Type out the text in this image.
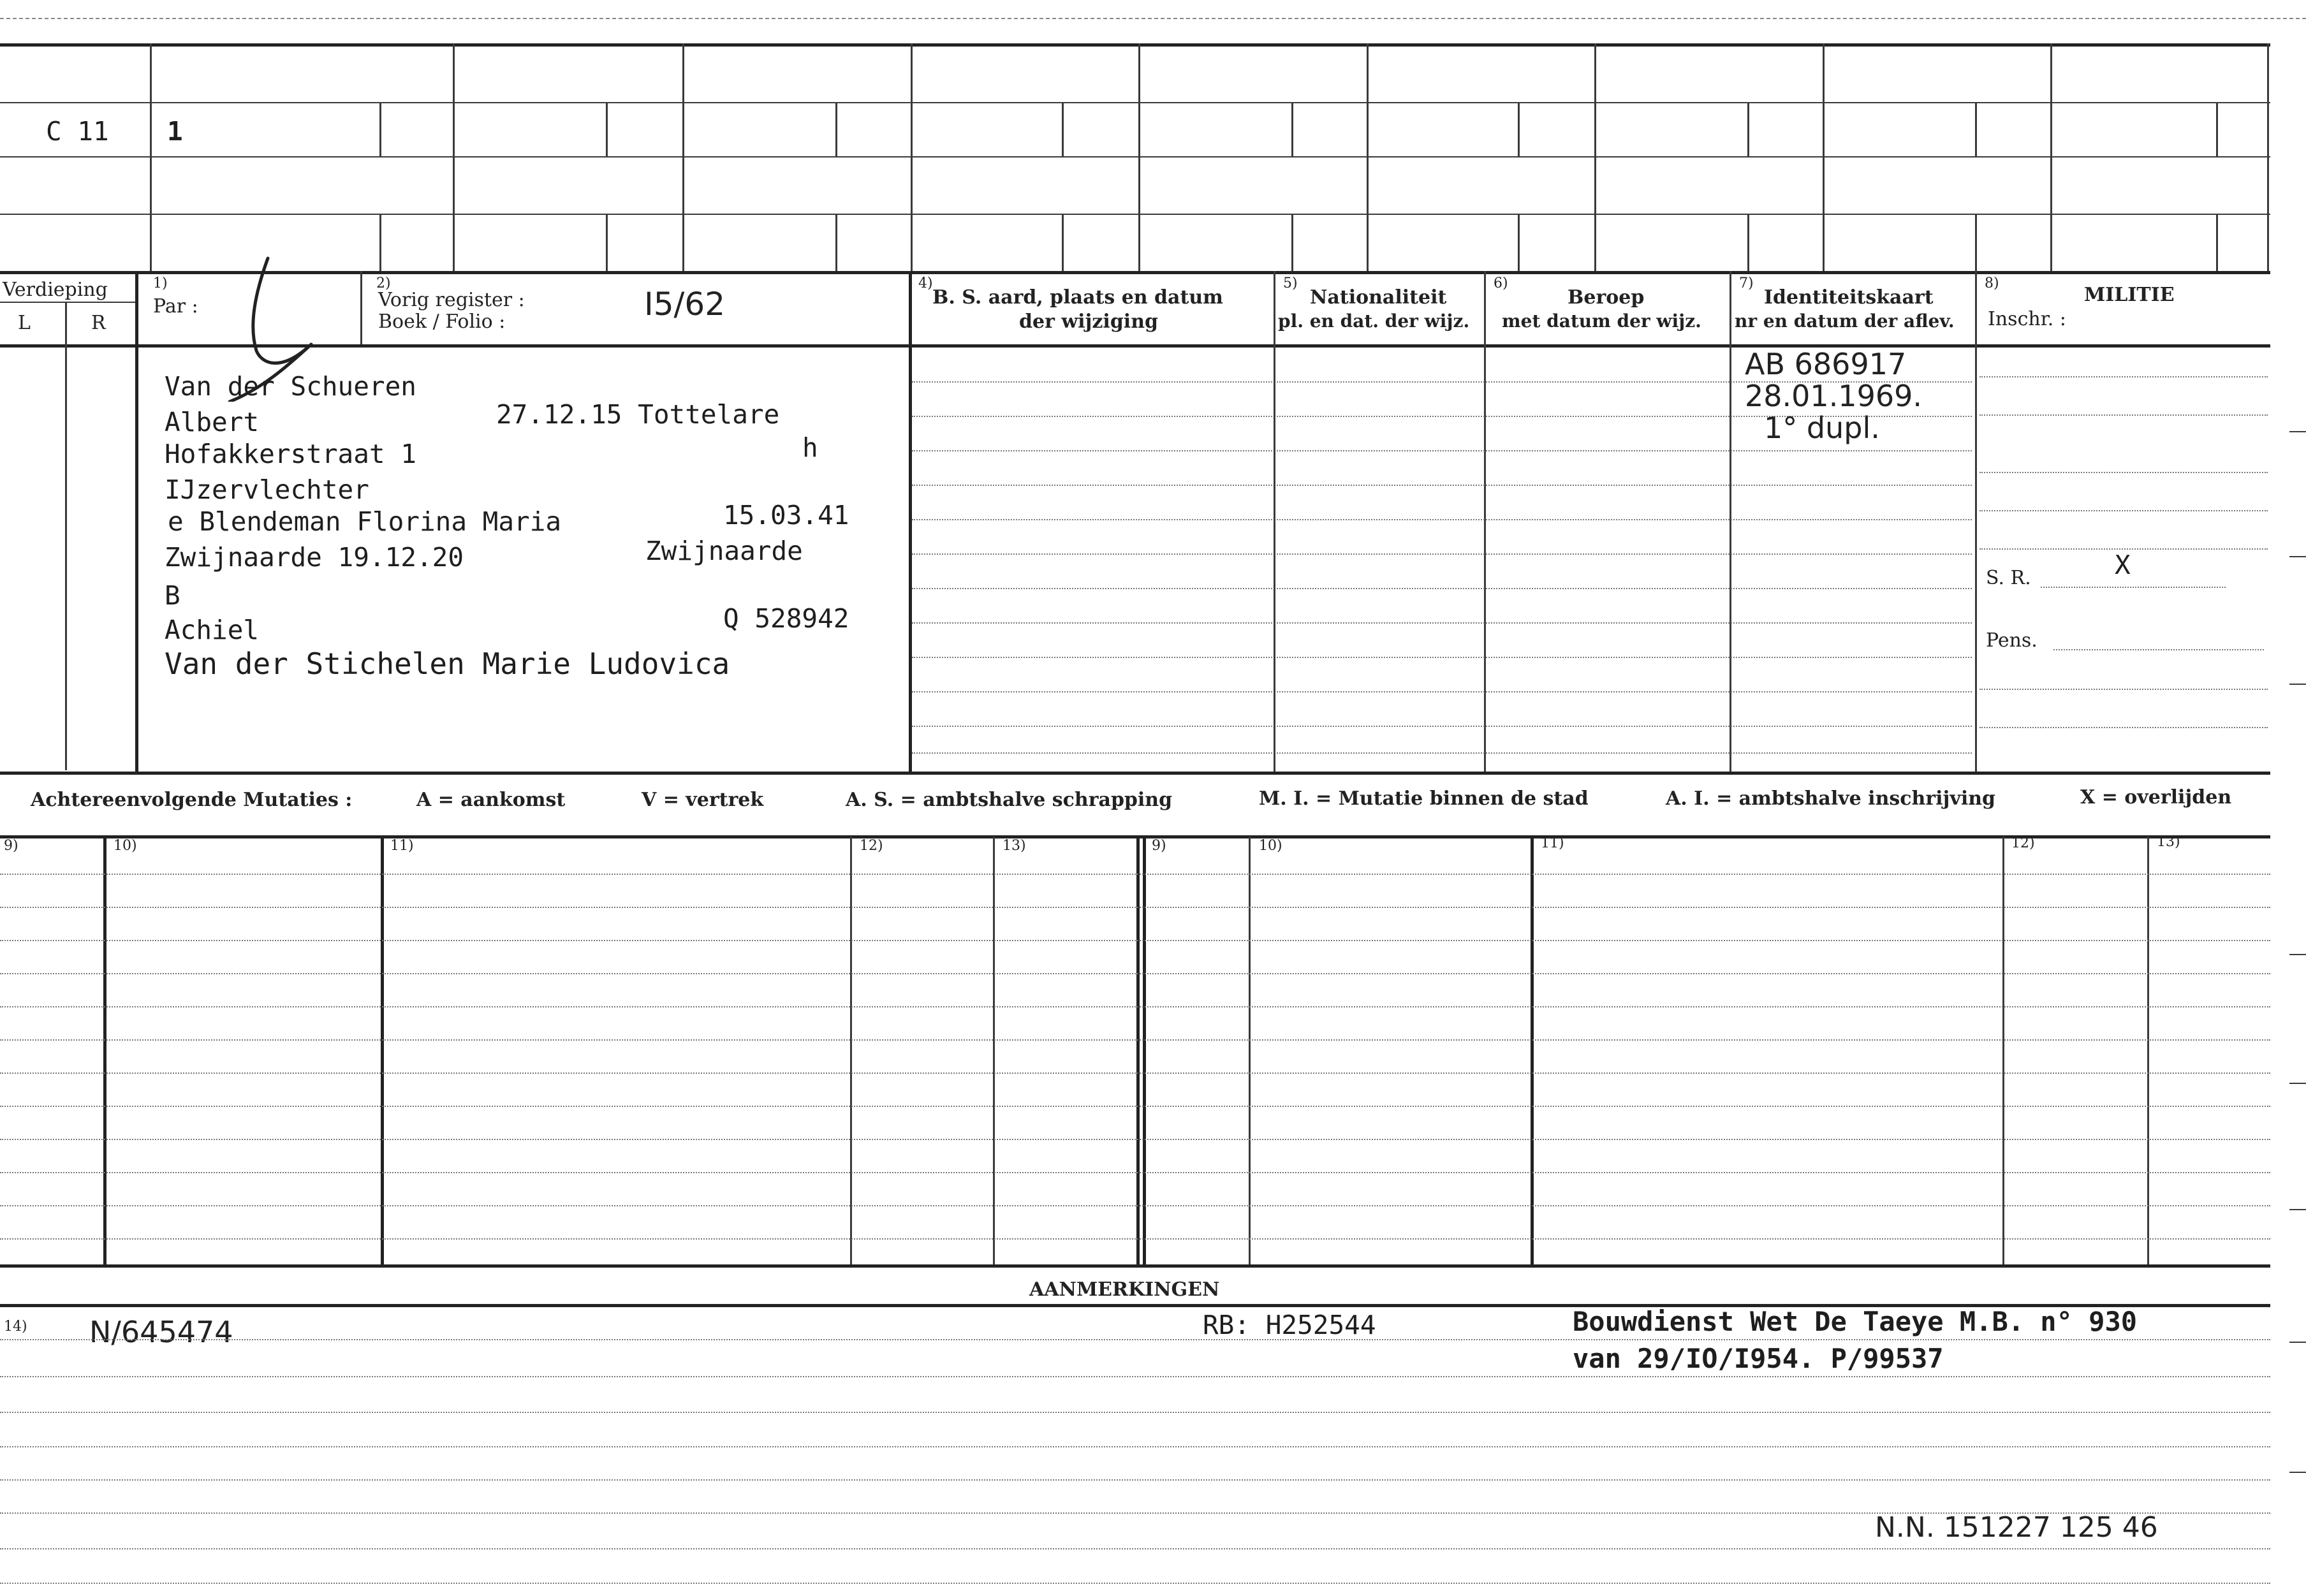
C 11 1
Verdieping
L	R
1)
Par :
2)
Vorig register :
Boek / Folio :	I5/62
4)
B. S. aard, plaats en datum
der wijziging
5)
Nationaliteit
pl. en dat. der wijz.
6)
Beroep
met datum der wijz.
7)
Identiteitskaart
nr en datum der aflev.
8)
MILITIE
Inschr. :
S. R.	X
Pens.
Van der Schueren
Albert	27.12.15 Tottelare
Hofakkerstraat 1	h
IJzervlechter
e Blendeman Florina Maria	15.03.41
Zwijnaarde 19.12.20	Zwijnaarde
B
Achiel	Q 528942
Van der Stichelen Marie Ludovica
AB 686917
28.01.1969.
1° dupl.
Achtereenvolgende Mutaties :	A = aankomst	V = vertrek	A. S. = ambtshalve schrapping	M. I. = Mutatie binnen de stad	A. I. = ambtshalve inschrijving	X = overlijden
9)	10)	11)	12)	13)	9)	10)	11)	12)	13)
AANMERKINGEN
14) N/645474	RB: H252544	Bouwdienst Wet De Taeye M.B. n° 930
van 29/IO/I954. P/99537
N.N. 151227 125 46
